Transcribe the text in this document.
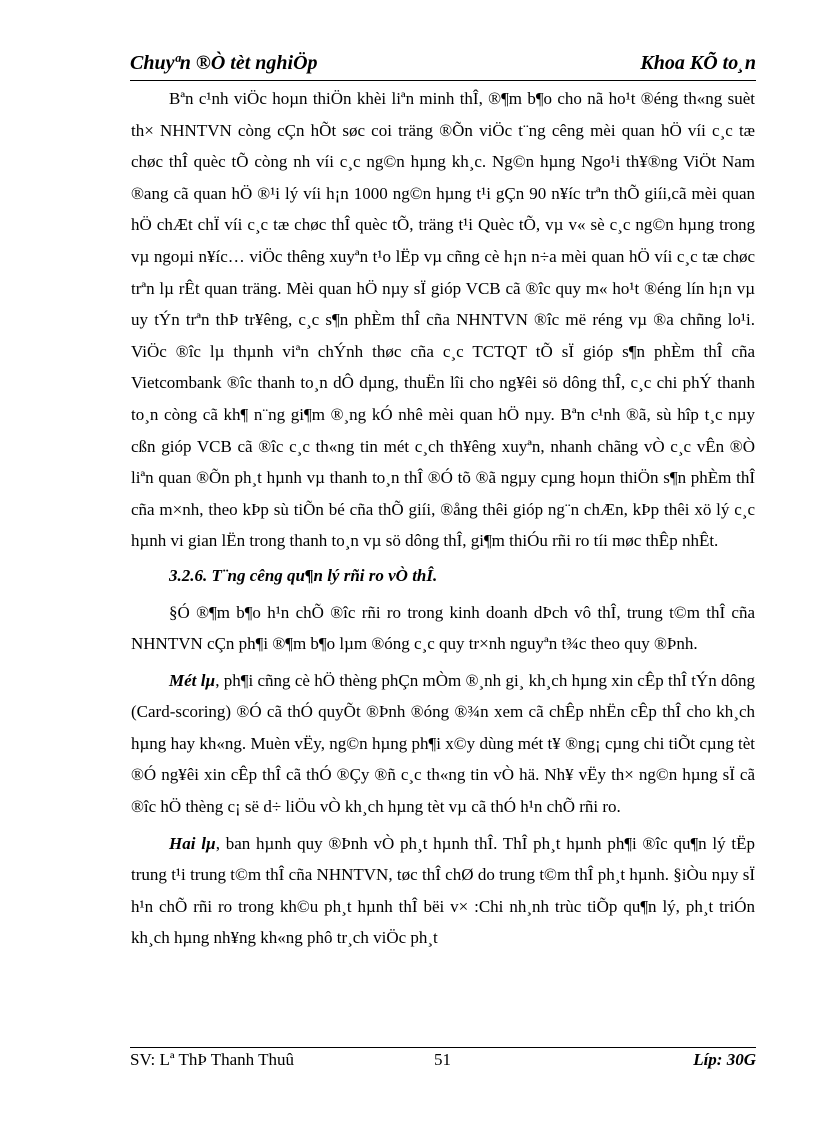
Chuyªn ®Ò tèt nghiÖp	Khoa KÕ to¸n

Bªn c¹nh viÖc hoµn thiÖn khèi liªn minh thÎ, ®¶m b¶o cho nã ho¹t ®éng th«ng suèt th× NHNTVN còng cÇn hÕt søc coi träng ®Õn viÖc t¨ng cêng mèi quan hÖ víi c¸c tæ chøc thÎ quèc tÕ còng nh víi c¸c ng©n hµng kh¸c. Ng©n hµng Ngo¹i th¥®ng ViÖt Nam ®ang cã quan hÖ ®¹i lý víi h¡n 1000 ng©n hµng t¹i gÇn 90 n¥íc trªn thÕ giíi,cã mèi quan hÖ chÆt chÏ víi c¸c tæ chøc thÎ quèc tÕ, träng t¹i Quèc tÕ, vµ v« sè c¸c ng©n hµng trong vµ ngoµi n¥íc… viÖc thêng xuyªn t¹o lËp vµ cñng cè h¡n n÷a mèi quan hÖ víi c¸c tæ chøc trªn lµ rÊt quan träng. Mèi quan hÖ nµy sÏ gióp VCB cã ®îc quy m« ho¹t ®éng lín h¡n vµ uy tÝn trªn thÞ tr¥êng, c¸c s¶n phÈm thÎ cña NHNTVN ®îc më réng vµ ®a chñng lo¹i. ViÖc ®îc lµ thµnh viªn chÝnh thøc cña c¸c TCTQT tÕ sÏ gióp s¶n phÈm thÎ cña Vietcombank ®îc thanh to¸n dÔ dµng, thuËn lîi cho ng¥êi sö dông thÎ, c¸c chi phÝ thanh to¸n còng cã kh¶ n¨ng gi¶m ®¸ng kÓ nhê mèi quan hÖ nµy. Bªn c¹nh ®ã, sù hîp t¸c nµy cßn gióp VCB cã ®îc c¸c th«ng tin mét c¸ch th¥êng xuyªn, nhanh chãng vÒ c¸c vÊn ®Ò liªn quan ®Õn ph¸t hµnh vµ thanh to¸n thÎ ®Ó tõ ®ã ngµy cµng hoµn thiÖn s¶n phÈm thÎ cña m×nh, theo kÞp sù tiÕn bé cña thÕ giíi, ®ång thêi gióp ng¨n chÆn, kÞp thêi xö lý c¸c hµnh vi gian lËn trong thanh to¸n vµ sö dông thÎ, gi¶m thiÓu rñi ro tíi møc thÊp nhÊt.

3.2.6. T¨ng cêng qu¶n lý rñi ro vÒ thÎ.

§Ó ®¶m b¶o h¹n chÕ ®îc rñi ro trong kinh doanh dÞch vô thÎ, trung t©m thÎ cña NHNTVN cÇn ph¶i ®¶m b¶o lµm ®óng c¸c quy tr×nh nguyªn t¾c theo quy ®Þnh.

Mét lµ, ph¶i cñng cè hÖ thèng phÇn mÒm ®¸nh gi¸ kh¸ch hµng xin cÊp thÎ tÝn dông (Card-scoring) ®Ó cã thÓ quyÕt ®Þnh ®óng ®¾n xem cã chÊp nhËn cÊp thÎ cho kh¸ch hµng hay kh«ng. Muèn vËy, ng©n hµng ph¶i x©y dùng mét t¥ ®ng¡ cµng chi tiÕt cµng tèt ®Ó ng¥êi xin cÊp thÎ cã thÓ ®Çy ®ñ c¸c th«ng tin vÒ hä. Nh¥ vËy th× ng©n hµng sÏ cã ®îc hÖ thèng c¡ së d÷ liÖu vÒ kh¸ch hµng tèt vµ cã thÓ h¹n chÕ rñi ro.

Hai lµ, ban hµnh quy ®Þnh vÒ ph¸t hµnh thÎ. ThÎ ph¸t hµnh ph¶i ®îc qu¶n lý tËp trung t¹i trung t©m thÎ cña NHNTVN, tøc thÎ chØ do trung t©m thÎ ph¸t hµnh. §iÒu nµy sÏ h¹n chÕ rñi ro trong kh©u ph¸t hµnh thÎ bëi v× :Chi nh¸nh trùc tiÕp qu¶n lý, ph¸t triÓn kh¸ch hµng nh¥ng kh«ng phô tr¸ch viÖc ph¸t

SV: Lª ThÞ Thanh Thuû	51	Líp: 30G
